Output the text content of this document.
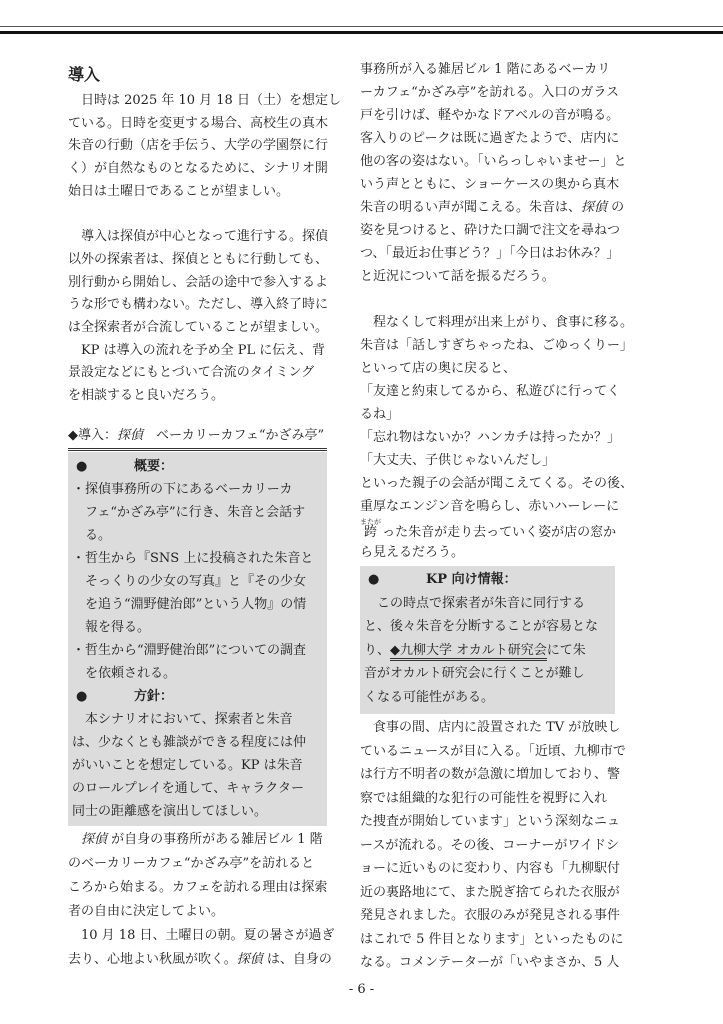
導入
日時は 2025 年 10 月 18 日（土）を想定し
ている。日時を変更する場合、高校生の真木
朱音の行動（店を手伝う、大学の学園祭に行
く）が自然なものとなるために、シナリオ開
始日は土曜日であることが望ましい。
導入は探偵が中心となって進行する。探偵
以外の探索者は、探偵とともに行動しても、
別行動から開始し、会話の途中で参入するよ
うな形でも構わない。ただし、導入終了時に
は全探索者が合流していることが望ましい。
KP は導入の流れを予め全 PL に伝え、背
景設定などにもとづいて合流のタイミング
を相談すると良いだろう。
◆導入：探偵　ベーカリーカフェ“かざみ亭”
●	概要：
・探偵事務所の下にあるベーカリーカ
フェ“かざみ亭”に行き、朱音と会話す
る。
・哲生から『SNS 上に投稿された朱音と
そっくりの少女の写真』と『その少女
を追う“淵野健治郎”という人物』の情
報を得る。
・哲生から“淵野健治郎”についての調査
を依頼される。
●	方針：
本シナリオにおいて、探索者と朱音
は、少なくとも雑談ができる程度には仲
がいいことを想定している。KP は朱音
のロールプレイを通して、キャラクター
同士の距離感を演出してほしい。
探偵 が自身の事務所がある雑居ビル 1 階
のベーカリーカフェ“かざみ亭”を訪れると
ころから始まる。カフェを訪れる理由は探索
者の自由に決定してよい。
10 月 18 日、土曜日の朝。夏の暑さが過ぎ
去り、心地よい秋風が吹く。探偵 は、自身の
事務所が入る雑居ビル 1 階にあるベーカリ
ーカフェ“かざみ亭”を訪れる。入口のガラス
戸を引けば、軽やかなドアベルの音が鳴る。
客入りのピークは既に過ぎたようで、店内に
他の客の姿はない。「いらっしゃいませー」と
いう声とともに、ショーケースの奥から真木
朱音の明るい声が聞こえる。朱音は、探偵 の
姿を見つけると、砕けた口調で注文を尋ねつ
つ、「最近お仕事どう？」「今日はお休み？」
と近況について話を振るだろう。
程なくして料理が出来上がり、食事に移る。
朱音は「話しすぎちゃったね、ごゆっくりー」
といって店の奥に戻ると、
「友達と約束してるから、私遊びに行ってく
るね」
「忘れ物はないか？ハンカチは持ったか？」
「大丈夫、子供じゃないんだし」
といった親子の会話が聞こえてくる。その後、
重厚なエンジン音を鳴らし、赤いハーレーに
跨またが った朱音が走り去っていく姿が店の窓か
ら見えるだろう。
●	KP 向け情報：
この時点で探索者が朱音に同行する
と、後々朱音を分断することが容易とな
り、◆九柳大学 オカルト研究会にて朱
音がオカルト研究会に行くことが難し
くなる可能性がある。
食事の間、店内に設置された TV が放映し
ているニュースが目に入る。「近頃、九柳市で
は行方不明者の数が急激に増加しており、警
察では組織的な犯行の可能性を視野に入れ
た捜査が開始しています」という深刻なニュ
ースが流れる。その後、コーナーがワイドシ
ョーに近いものに変わり、内容も「九柳駅付
近の裏路地にて、また脱ぎ捨てられた衣服が
発見されました。衣服のみが発見される事件
はこれで 5 件目となります」といったものに
なる。コメンテーターが「いやまさか、5 人
- 6 -
